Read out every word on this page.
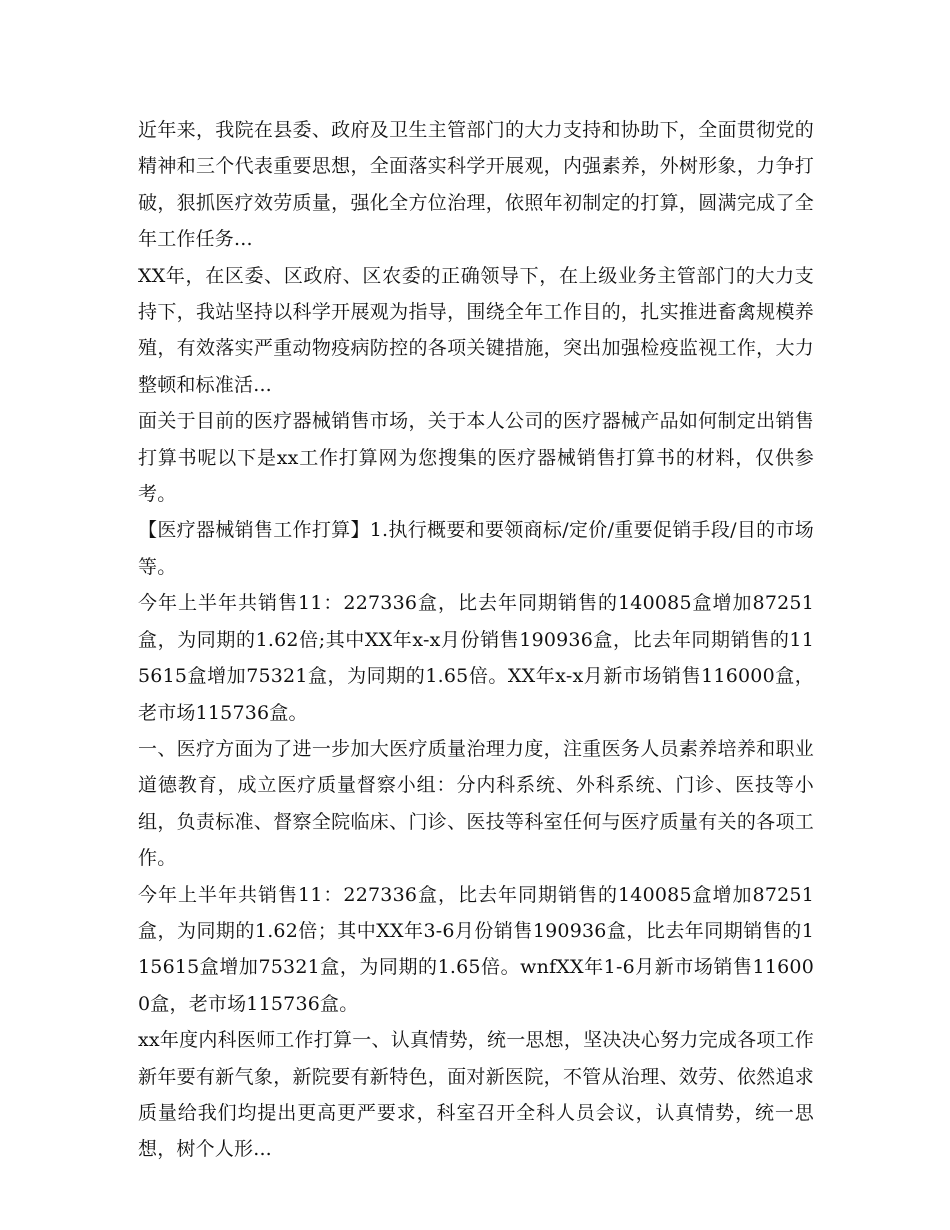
近年来，我院在县委、政府及卫生主管部门的大力支持和协助下，全面贯彻党的精神和三个代表重要思想，全面落实科学开展观，内强素养，外树形象，力争打破，狠抓医疗效劳质量，强化全方位治理，依照年初制定的打算，圆满完成了全年工作任务...

XX年，在区委、区政府、区农委的正确领导下，在上级业务主管部门的大力支持下，我站坚持以科学开展观为指导，围绕全年工作目的，扎实推进畜禽规模养殖，有效落实严重动物疫病防控的各项关键措施，突出加强检疫监视工作，大力整顿和标准活...

面关于目前的医疗器械销售市场，关于本人公司的医疗器械产品如何制定出销售打算书呢以下是xx工作打算网为您搜集的医疗器械销售打算书的材料，仅供参考。

【医疗器械销售工作打算】1.执行概要和要领商标/定价/重要促销手段/目的市场等。

今年上半年共销售11：227336盒，比去年同期销售的140085盒增加87251盒，为同期的1.62倍;其中XX年x-x月份销售190936盒，比去年同期销售的115615盒增加75321盒，为同期的1.65倍。XX年x-x月新市场销售116000盒，老市场115736盒。

一、医疗方面为了进一步加大医疗质量治理力度，注重医务人员素养培养和职业道德教育，成立医疗质量督察小组：分内科系统、外科系统、门诊、医技等小组，负责标准、督察全院临床、门诊、医技等科室任何与医疗质量有关的各项工作。

今年上半年共销售11：227336盒，比去年同期销售的140085盒增加87251盒，为同期的1.62倍；其中XX年3-6月份销售190936盒，比去年同期销售的115615盒增加75321盒，为同期的1.65倍。wnfXX年1-6月新市场销售116000盒，老市场115736盒。

xx年度内科医师工作打算一、认真情势，统一思想，坚决决心努力完成各项工作新年要有新气象，新院要有新特色，面对新医院，不管从治理、效劳、依然追求质量给我们均提出更高更严要求，科室召开全科人员会议，认真情势，统一思想，树个人形...
